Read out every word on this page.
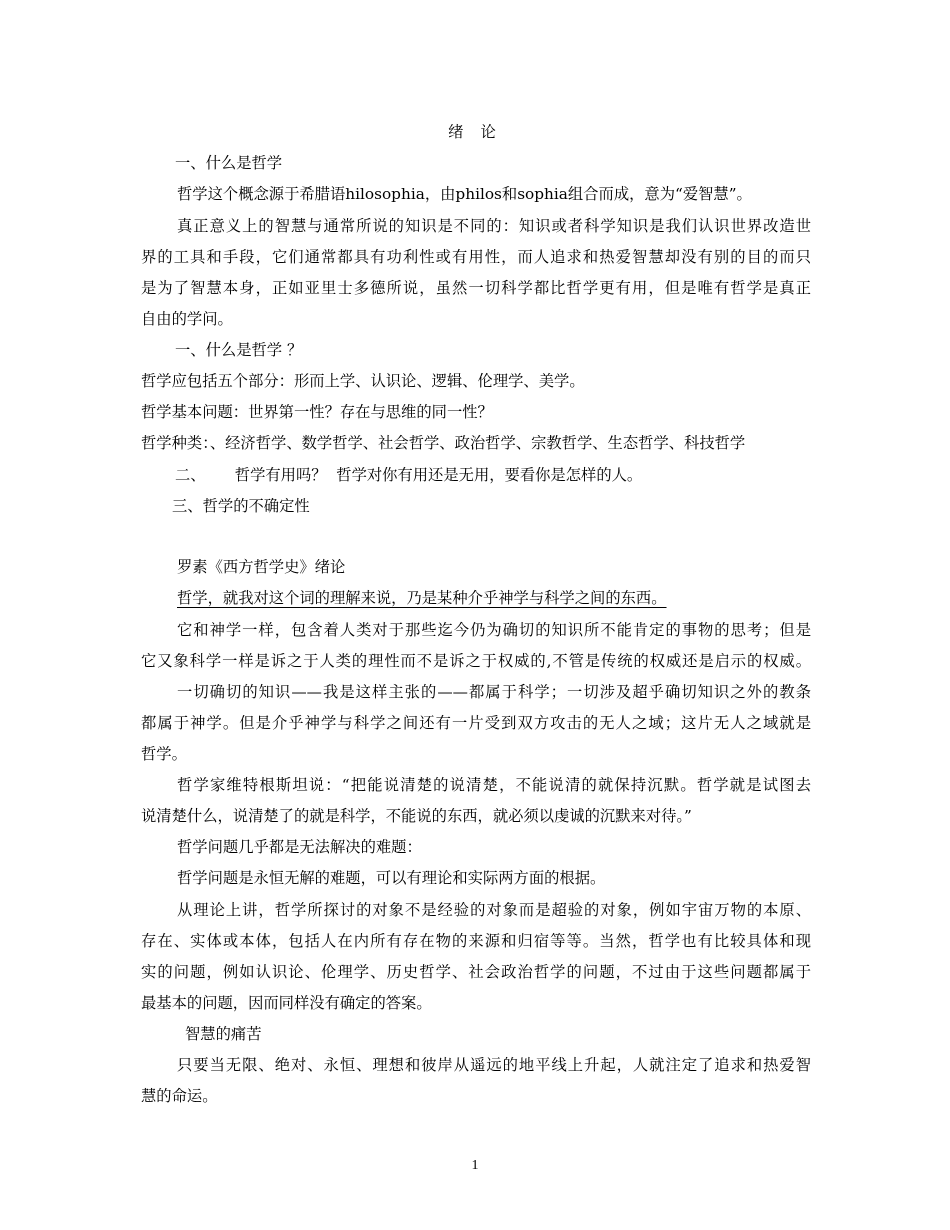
绪 论

一、什么是哲学

哲学这个概念源于希腊语hilosophia，由philos和sophia组合而成，意为“爱智慧”。

真正意义上的智慧与通常所说的知识是不同的：知识或者科学知识是我们认识世界改造世

界的工具和手段，它们通常都具有功利性或有用性，而人追求和热爱智慧却没有别的目的而只

是为了智慧本身，正如亚里士多德所说，虽然一切科学都比哲学更有用，但是唯有哲学是真正

自由的学问。

一、什么是哲学 ？

哲学应包括五个部分：形而上学、认识论、逻辑、伦理学、美学。

哲学基本问题：世界第一性？存在与思维的同一性？

哲学种类：、经济哲学、数学哲学、社会哲学、政治哲学、宗教哲学、生态哲学、科技哲学

二、      哲学有用吗？  哲学对你有用还是无用，要看你是怎样的人。

三、哲学的不确定性

罗素《西方哲学史》绪论

哲学，就我对这个词的理解来说，乃是某种介乎神学与科学之间的东西。

它和神学一样，包含着人类对于那些迄今仍为确切的知识所不能肯定的事物的思考；但是

它又象科学一样是诉之于人类的理性而不是诉之于权威的,不管是传统的权威还是启示的权威。

一切确切的知识——我是这样主张的——都属于科学；一切涉及超乎确切知识之外的教条

都属于神学。但是介乎神学与科学之间还有一片受到双方攻击的无人之域；这片无人之域就是

哲学。

哲学家维特根斯坦说：“把能说清楚的说清楚，不能说清的就保持沉默。哲学就是试图去

说清楚什么，说清楚了的就是科学，不能说的东西，就必须以虔诚的沉默来对待。”

哲学问题几乎都是无法解决的难题：

哲学问题是永恒无解的难题，可以有理论和实际两方面的根据。

从理论上讲，哲学所探讨的对象不是经验的对象而是超验的对象，例如宇宙万物的本原、

存在、实体或本体，包括人在内所有存在物的来源和归宿等等。当然，哲学也有比较具体和现

实的问题，例如认识论、伦理学、历史哲学、社会政治哲学的问题，不过由于这些问题都属于

最基本的问题，因而同样没有确定的答案。

智慧的痛苦

只要当无限、绝对、永恒、理想和彼岸从遥远的地平线上升起，人就注定了追求和热爱智

慧的命运。

1
